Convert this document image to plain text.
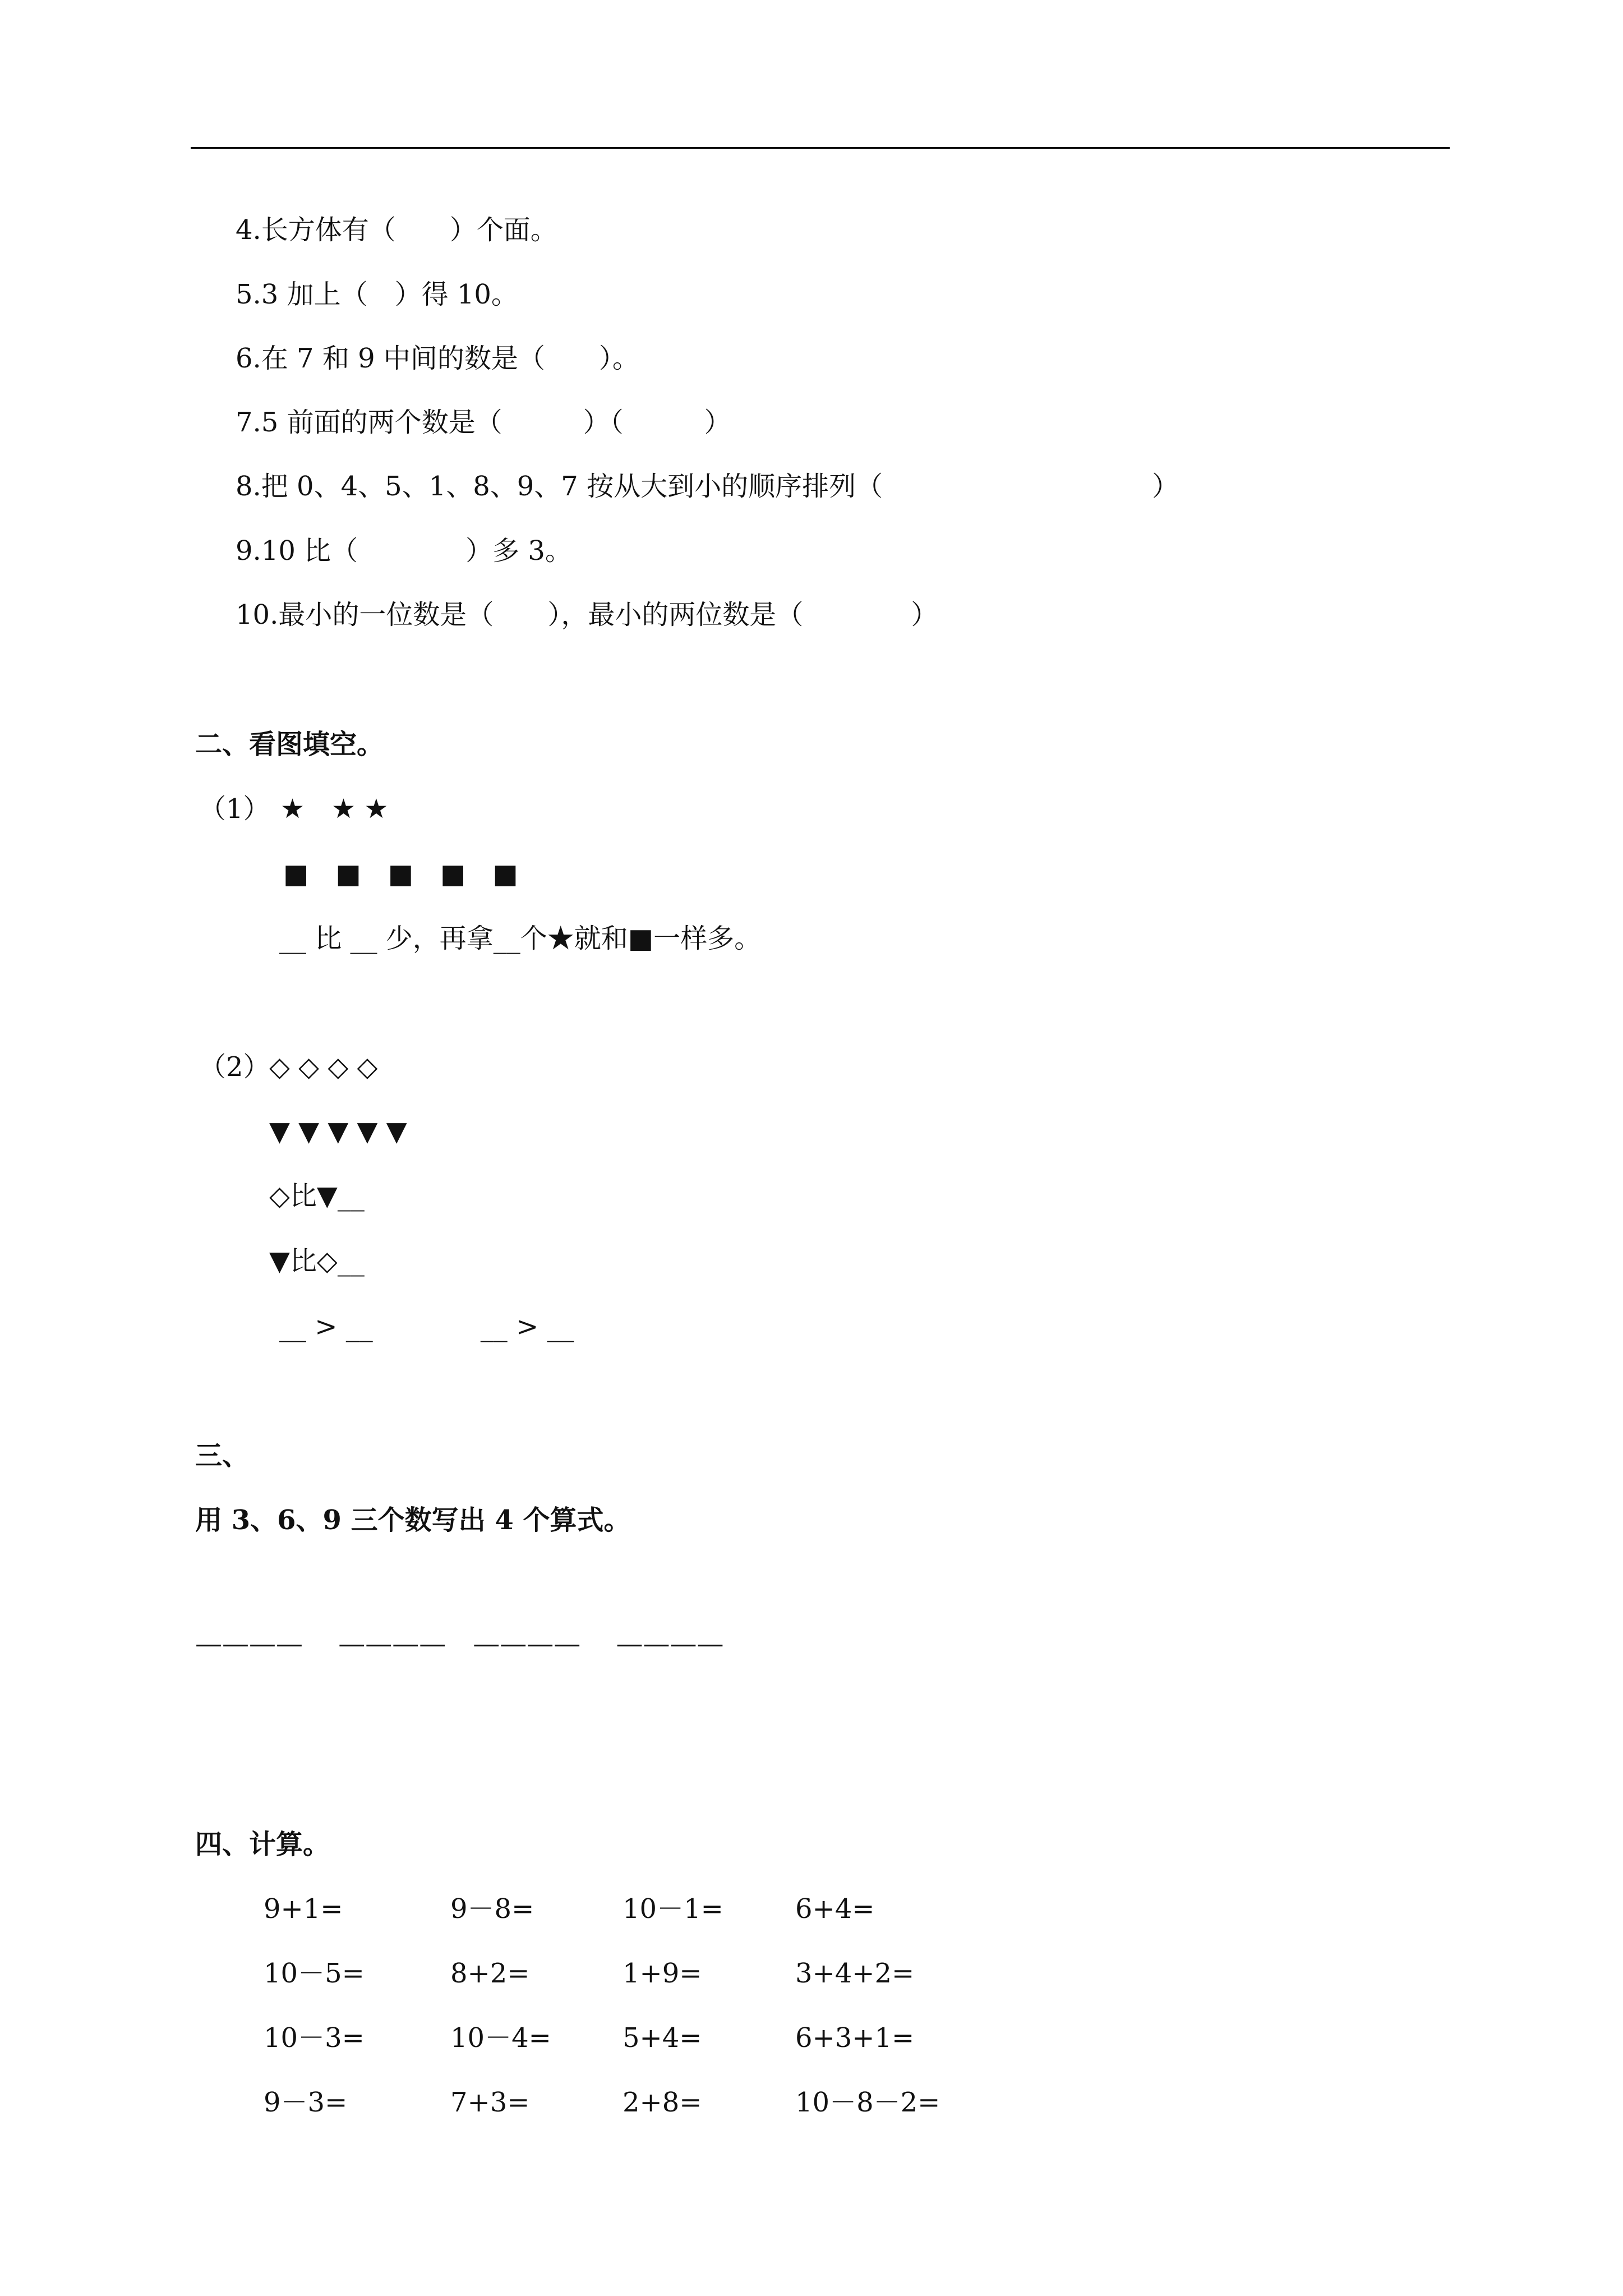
4.长方体有（　　）个面。
5.3 加上（　）得 10。
6.在 7 和 9 中间的数是（　　）。
7.5 前面的两个数是（　　　）（　　　）
8.把 0、4、5、1、8、9、7 按从大到小的顺序排列（　　　　　　　　　　）
9.10 比（　　　　）多 3。
10.最小的一位数是（　　），最小的两位数是（　　　　）
二、看图填空。
（1） ★　★ ★
■　■　■　■　■
__ 比 __ 少，再拿__个★就和■一样多。
（2）
◇ ◇ ◇ ◇
▼ ▼ ▼ ▼ ▼
◇比▼__
▼比◇__
__ > __　　　　__ > __
三、
用 3、6、9 三个数写出 4 个算式。
————　 ————　————　 ————
四、计算。
9+1=	9－8=	10－1=	6+4=
10－5=	8+2=	1+9=	3+4+2=
10－3=	10－4=	5+4=	6+3+1=
9－3=	7+3=	2+8=	10－8－2=
